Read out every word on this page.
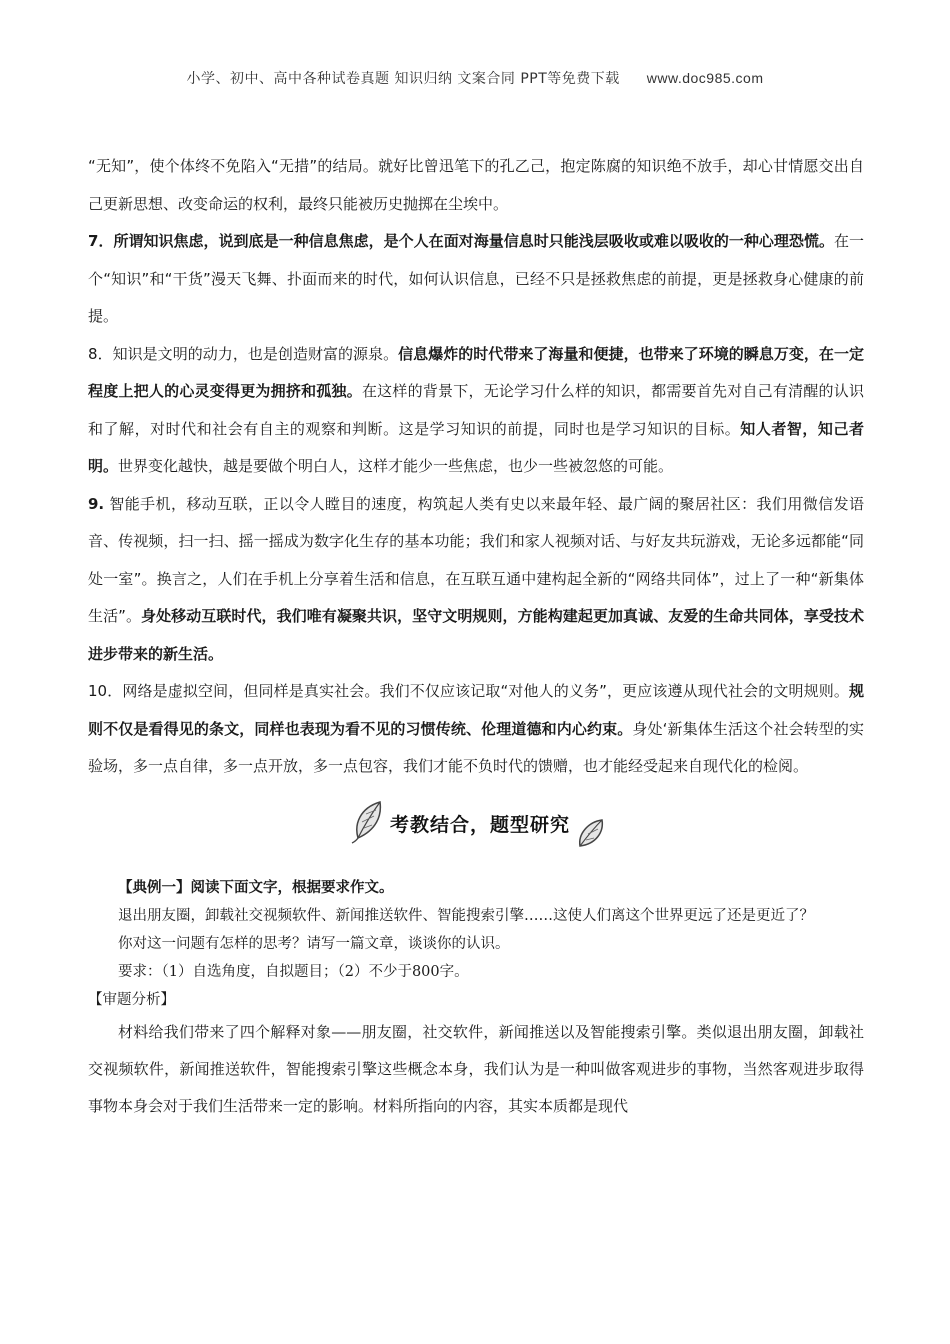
小学、初中、高中各种试卷真题 知识归纳 文案合同 PPT等免费下载 www.doc985.com

“无知”，使个体终不免陷入“无措”的结局。就好比曾迅笔下的孔乙己，抱定陈腐的知识绝不放手，却心甘情愿交出自己更新思想、改变命运的权利，最终只能被历史抛掷在尘埃中。

7．所谓知识焦虑，说到底是一种信息焦虑，是个人在面对海量信息时只能浅层吸收或难以吸收的一种心理恐慌。在一个“知识”和“干货”漫天飞舞、扑面而来的时代，如何认识信息，已经不只是拯救焦虑的前提，更是拯救身心健康的前提。

8．知识是文明的动力，也是创造财富的源泉。信息爆炸的时代带来了海量和便捷，也带来了环境的瞬息万变，在一定程度上把人的心灵变得更为拥挤和孤独。在这样的背景下，无论学习什么样的知识，都需要首先对自己有清醒的认识和了解，对时代和社会有自主的观察和判断。这是学习知识的前提，同时也是学习知识的目标。知人者智，知己者明。世界变化越快，越是要做个明白人，这样才能少一些焦虑，也少一些被忽悠的可能。

9. 智能手机，移动互联，正以令人瞠目的速度，构筑起人类有史以来最年轻、最广阔的聚居社区：我们用微信发语音、传视频，扫一扫、摇一摇成为数字化生存的基本功能；我们和家人视频对话、与好友共玩游戏，无论多远都能“同处一室”。换言之，人们在手机上分享着生活和信息，在互联互通中建构起全新的“网络共同体”，过上了一种“新集体生活”。身处移动互联时代，我们唯有凝聚共识，坚守文明规则，方能构建起更加真诚、友爱的生命共同体，享受技术进步带来的新生活。

10．网络是虚拟空间，但同样是真实社会。我们不仅应该记取“对他人的义务”，更应该遵从现代社会的文明规则。规则不仅是看得见的条文，同样也表现为看不见的习惯传统、伦理道德和内心约束。身处‘新集体生活这个社会转型的实验场，多一点自律，多一点开放，多一点包容，我们才能不负时代的馈赠，也才能经受起来自现代化的检阅。

考教结合，题型研究

【典例一】阅读下面文字，根据要求作文。

退出朋友圈，卸载社交视频软件、新闻推送软件、智能搜索引擎……这使人们离这个世界更远了还是更近了？

你对这一问题有怎样的思考？请写一篇文章，谈谈你的认识。

要求：（1）自选角度，自拟题目；（2）不少于800字。

【审题分析】

材料给我们带来了四个解释对象——朋友圈，社交软件，新闻推送以及智能搜索引擎。类似退出朋友圈，卸载社交视频软件，新闻推送软件，智能搜索引擎这些概念本身，我们认为是一种叫做客观进步的事物，当然客观进步取得事物本身会对于我们生活带来一定的影响。材料所指向的内容，其实本质都是现代
